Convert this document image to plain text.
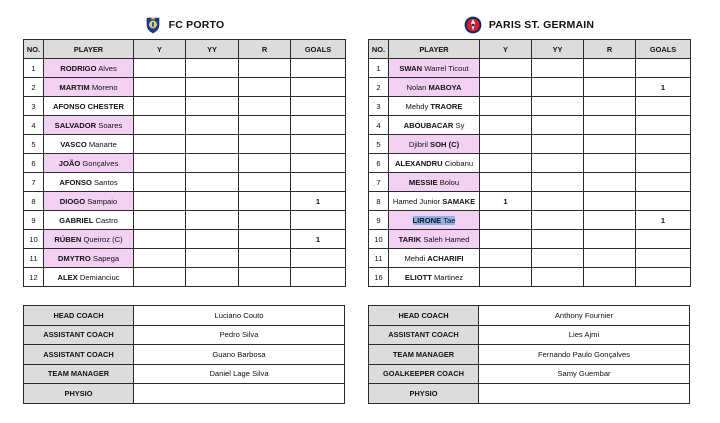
FC PORTO
NO.	PLAYER	Y	YY	R	GOALS
1	RODRIGO Alves				
2	MARTIM Moreno				
3	AFONSO CHESTER				
4	SALVADOR Soares				
5	VASCO Manarte				
6	JOÃO Gonçalves				
7	AFONSO Santos				
8	DIOGO Sampaio				1
9	GABRIEL Castro				
10	RÚBEN Queiroz (C)				1
11	DMYTRO Sapega				
12	ALEX Demianciuc				
PARIS ST. GERMAIN
NO.	PLAYER	Y	YY	R	GOALS
1	SWAN Warrel Ticout				
2	Nolan MABOYA				1
3	Mehdy TRAORE				
4	ABOUBACAR Sy				
5	Djibril SOH (C)				
6	ALEXANDRU Ciobanu				
7	MESSIE Bolou				
8	Hamed Junior SAMAKE	1			
9	LIRONE Tae				1
10	TARIK Saleh Hamed				
11	Mehdi ACHARIFI				
16	ELIOTT Martinez				
HEAD COACH	Luciano Couto
ASSISTANT COACH	Pedro Silva
ASSISTANT COACH	Guano Barbosa
TEAM MANAGER	Daniel Lage Silva
PHYSIO	
HEAD COACH	Anthony Fournier
ASSISTANT COACH	Lies Ajmi
TEAM MANAGER	Fernando Paulo Gonçalves
GOALKEEPER COACH	Samy Guembar
PHYSIO	
